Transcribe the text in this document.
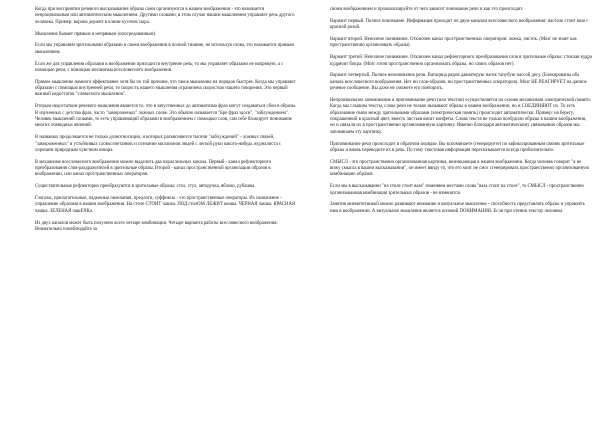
Когда при восприятии речевого высказывания образы сами организуются в нашем воображении - это называется непроизвольным или автоматическим мышлением. Другими словами, в этом случае нашим мышлением управляет речь другого человека. Пример: ворона держит в клюве кусочек сыра.

Мышление бывает прямым и непрямым (опосредованным).

Если мы управляем зрительными образами в своем воображении в полной тишине, не используя слова, это называется прямым мышлением.

Если же для управления образами в воображении приходится внутренне речь, то мы управляет образами не напрямую, а с помощью речи, с помощью механизма всесловесного воображения.

Прямое мышление намного эффективнее хотя бы по той причине, что такое мышление на порядок быстрее. Когда мы управляет образами с помощью внутренней речи, то скорость нашего мышления ограничена скоростью нашего говорения. Это первый важный недостаток "словесного мышления".

Вторым недостатком речевого мышления является то, что в зачуственных до автоматизма фраз могут создаваться сбои в образы. В изученных с детства фраз, часто "замороженых" ложных слове. Это обычно называется "Бре фраз здоси", "заблуждением". Человек мышлений словами, то есть управляющий образами в воображением с помощью слов, сам себе блокирует понимание многих очевидных явлений.

В названых продолжается не только дознотносиции, и которых разъясняются тысячи "заблуждений" - ложных связей, "замороженных" в устойчивых словосочетаниях и сознании миллионов людей с легкой руки какого-нибудь журналиста с хорошим природным чувством юмора.

В механизме всесловесного воображения можно выделить два параллельных канала. Первый - канал рефлекторного преобразования слов-раздражителей в зрительные образы. Второй - канал пространственной организации образов в воображении, или канал пространственных операторов.

Существительные рефлекторно преобразуются в зрительные образы: стол, стул, авторучка, яблоко, рубашка.

Глаголы, прилагательные, падежные окончания, предлоги, суффиксы - это пространственные операторы. Их назначение - управление образами в нашем воображении. На столе СТОИТ чашка. ПОД столОМ ЛЕЖИТ кошка. ЧЕРНАЯ чашка. КРАСНАЯ чашка. ЗЕЛЕНАЯ чашЕЧКа.

Из двух каналов может быть получено всего четыре комбинации. Четыре варианта работы всесловесного воображения. Внимательно понаблюдайте за

своим воображением и проанализируйте от чего зависит понимание речи и как это происходит.

Вариант первый. Полное понимание. Информация проходит по двум каналам всесловесного воображения: настоле стоит ваза с красной розой.

Вариант второй. Неполное понимание. Отключен канал пространственных операторов: ложка, листок. (Мозг не знает как пространственно организовать образы).

Вариант третий. Неполное понимание. Отключен канал рефлекторного преобразования слов в зрительные образы: стоклав кудра кудрячит бокра. (Мозг готов пространственно организовать образы, но самих образов нет).

Вариант четвертый. Полное непонимание речи. Ватацица рядов давнатерую нагок танубую пассой десу. (Блокированы оба канала всесловесного воображения. Нет ни слов-образов, ни пространственных операторов). Мозг НЕ РЕАГИРУЕТ на данное речевое сообщение. Вы даже не сможете его повторить.

Непроизвольное запоминание и припоминание речи (или текстов) осуществляется на основе механизмов электрической памяти. Когда мы слышим тексты, слова речи не только вызывают образы в нашем воображении, но и СОЕДИНЯЮТ их. То есть образование связи между зрительными образами (электрическая память) происходит автоматически. Пример: на берегу, покрашенной в красный цвет, вместо листьев висят конфеты. Слова текста не только возбудили образы в нашем воображении, но и связали их в пространственно организованную картинку. Именно благодаря автоматическому связыванию образов мы запоминаем эту картинку.

Припоминание речи происходит в обратном порядке. Вы вспоминаете (генерируете) по зафиксированным связям зрительные образы и вновь переводите их в речь. По тому текстовая информация пересказывается всегда приблизительно.

СМЫСЛ - это пространственно организованная картинка, возникающая в нашем воображении. Когда человек говорит "я не вижу смысла в вашем высказывании", он имеет ввиду то, что его мозг не смог сгенерировать пространственно организованную комбинацию образов.

Если мы в высказывании "на столе стоит ваза" поменяем местами слова "ваза стоит на столе", то СМЫСЛ - пространственно организованная комбинация зрительных образов - не изменится.

Занятия мнемотехникой можно развивают внимание и визуальное мышление - способность представлять образы и управлять ими в воображении. А визуальное мышление является основой ПОНИМАНИЯ. Если при чтении текстау человека
